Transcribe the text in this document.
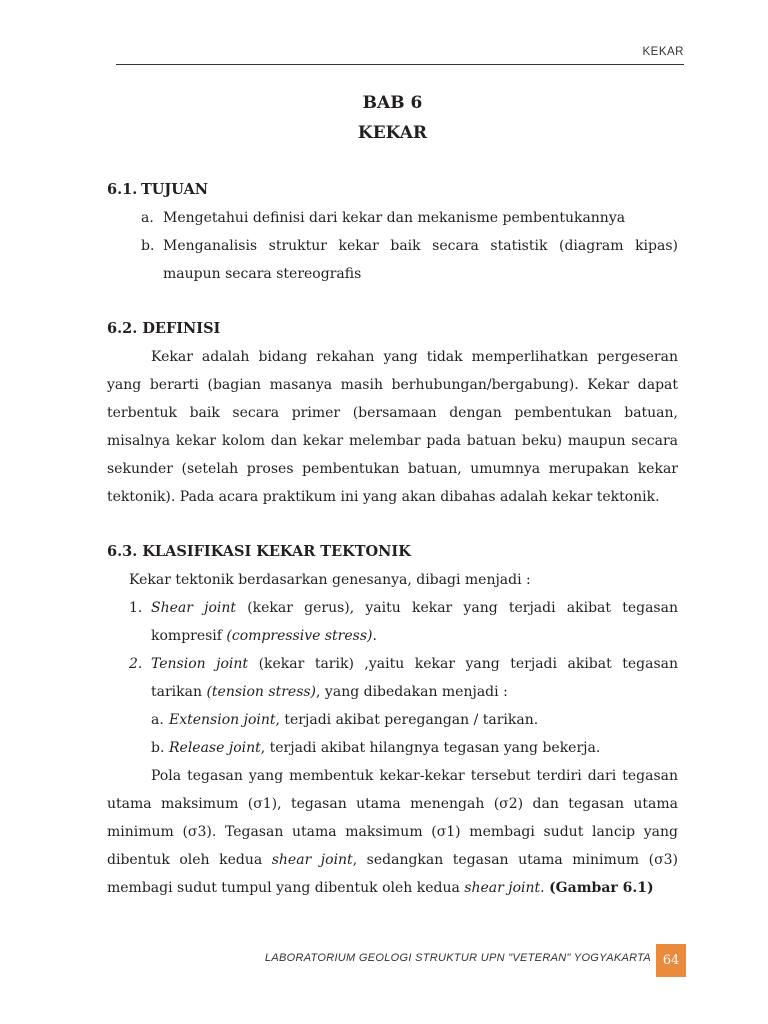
KEKAR

BAB 6

KEKAR

6.1. TUJUAN

a. Mengetahui definisi dari kekar dan mekanisme pembentukannya
b. Menganalisis struktur kekar baik secara statistik (diagram kipas)
maupun secara stereografis

6.2. DEFINISI

Kekar adalah bidang rekahan yang tidak memperlihatkan pergeseran yang berarti (bagian masanya masih berhubungan/bergabung). Kekar dapat terbentuk baik secara primer (bersamaan dengan pembentukan batuan, misalnya kekar kolom dan kekar melembar pada batuan beku) maupun secara sekunder (setelah proses pembentukan batuan, umumnya merupakan kekar tektonik). Pada acara praktikum ini yang akan dibahas adalah kekar tektonik.

6.3. KLASIFIKASI KEKAR TEKTONIK

Kekar tektonik berdasarkan genesanya, dibagi menjadi :

1. Shear joint (kekar gerus), yaitu kekar yang terjadi akibat tegasan kompresif (compressive stress).
2. Tension joint (kekar tarik) ,yaitu kekar yang terjadi akibat tegasan tarikan (tension stress), yang dibedakan menjadi :
a. Extension joint, terjadi akibat peregangan / tarikan.
b. Release joint, terjadi akibat hilangnya tegasan yang bekerja.

Pola tegasan yang membentuk kekar-kekar tersebut terdiri dari tegasan utama maksimum (σ1), tegasan utama menengah (σ2) dan tegasan utama minimum (σ3). Tegasan utama maksimum (σ1) membagi sudut lancip yang dibentuk oleh kedua shear joint, sedangkan tegasan utama minimum (σ3) membagi sudut tumpul yang dibentuk oleh kedua shear joint. (Gambar 6.1)

LABORATORIUM GEOLOGI STRUKTUR UPN "VETERAN" YOGYAKARTA 64
